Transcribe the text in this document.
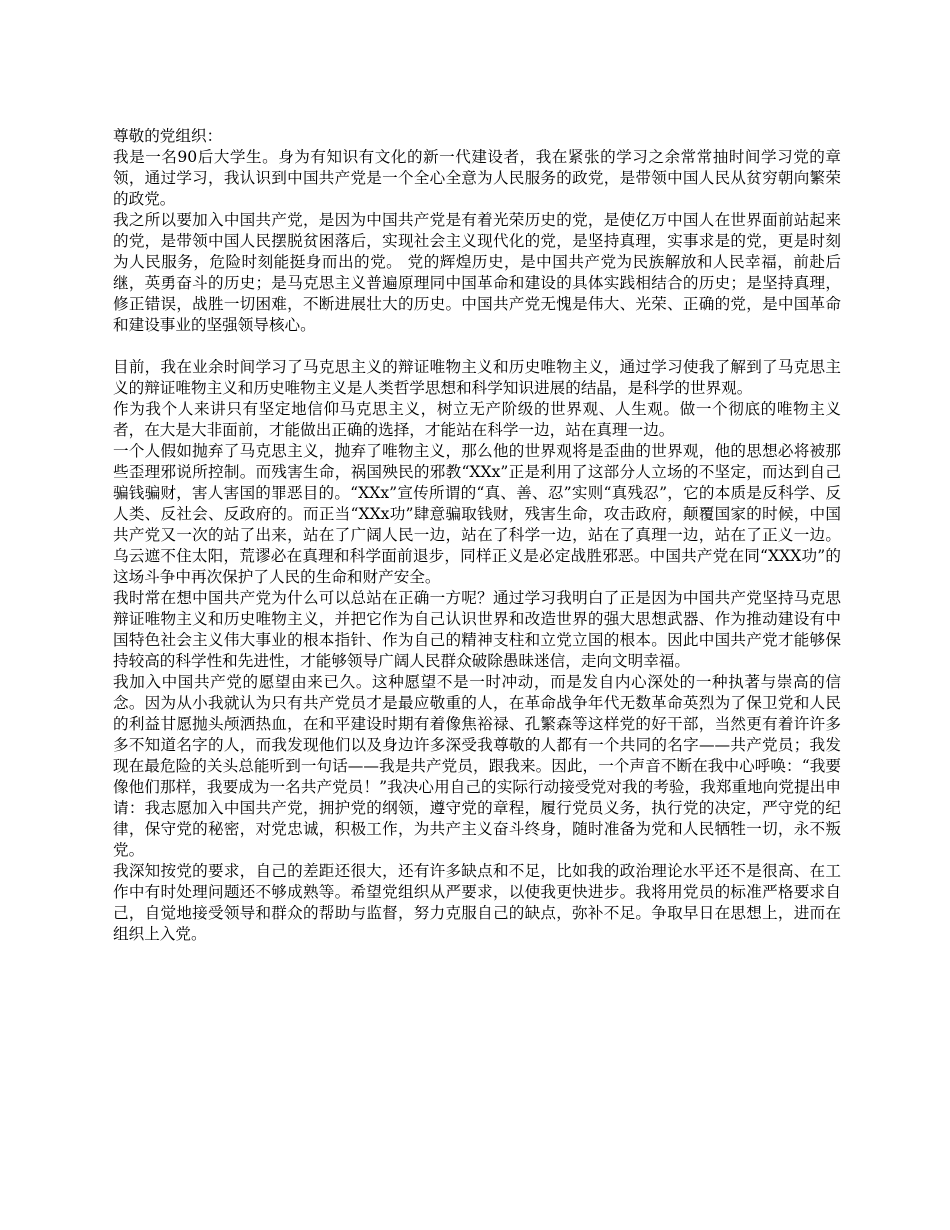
尊敬的党组织：

我是一名90后大学生。身为有知识有文化的新一代建设者，我在紧张的学习之余常常抽时间学习党的章领，通过学习，我认识到中国共产党是一个全心全意为人民服务的政党，是带领中国人民从贫穷朝向繁荣的政党。

我之所以要加入中国共产党，是因为中国共产党是有着光荣历史的党，是使亿万中国人在世界面前站起来的党，是带领中国人民摆脱贫困落后，实现社会主义现代化的党，是坚持真理，实事求是的党，更是时刻为人民服务，危险时刻能挺身而出的党。 党的辉煌历史，是中国共产党为民族解放和人民幸福，前赴后继，英勇奋斗的历史；是马克思主义普遍原理同中国革命和建设的具体实践相结合的历史；是坚持真理，修正错误，战胜一切困难，不断进展壮大的历史。中国共产党无愧是伟大、光荣、正确的党，是中国革命和建设事业的坚强领导核心。

目前，我在业余时间学习了马克思主义的辩证唯物主义和历史唯物主义，通过学习使我了解到了马克思主义的辩证唯物主义和历史唯物主义是人类哲学思想和科学知识进展的结晶，是科学的世界观。

作为我个人来讲只有坚定地信仰马克思主义，树立无产阶级的世界观、人生观。做一个彻底的唯物主义者，在大是大非面前，才能做出正确的选择，才能站在科学一边，站在真理一边。

一个人假如抛弃了马克思主义，抛弃了唯物主义，那么他的世界观将是歪曲的世界观，他的思想必将被那些歪理邪说所控制。而残害生命，祸国殃民的邪教“XXx”正是利用了这部分人立场的不坚定，而达到自己骗钱骗财，害人害国的罪恶目的。“XXx”宣传所谓的“真、善、忍”实则“真残忍”，它的本质是反科学、反人类、反社会、反政府的。而正当“XXx功”肆意骗取钱财，残害生命，攻击政府，颠覆国家的时候，中国共产党又一次的站了出来，站在了广阔人民一边，站在了科学一边，站在了真理一边，站在了正义一边。乌云遮不住太阳，荒谬必在真理和科学面前退步，同样正义是必定战胜邪恶。中国共产党在同“XXX功”的这场斗争中再次保护了人民的生命和财产安全。

我时常在想中国共产党为什么可以总站在正确一方呢？通过学习我明白了正是因为中国共产党坚持马克思辩证唯物主义和历史唯物主义，并把它作为自己认识世界和改造世界的强大思想武器、作为推动建设有中国特色社会主义伟大事业的根本指针、作为自己的精神支柱和立党立国的根本。因此中国共产党才能够保持较高的科学性和先进性，才能够领导广阔人民群众破除愚昧迷信，走向文明幸福。

我加入中国共产党的愿望由来已久。这种愿望不是一时冲动，而是发自内心深处的一种执著与崇高的信念。因为从小我就认为只有共产党员才是最应敬重的人，在革命战争年代无数革命英烈为了保卫党和人民的利益甘愿抛头颅洒热血，在和平建设时期有着像焦裕禄、孔繁森等这样党的好干部，当然更有着许许多多不知道名字的人，而我发现他们以及身边许多深受我尊敬的人都有一个共同的名字——共产党员；我发现在最危险的关头总能听到一句话——我是共产党员，跟我来。因此，一个声音不断在我中心呼唤：“我要像他们那样，我要成为一名共产党员！”我决心用自己的实际行动接受党对我的考验，我郑重地向党提出申请：我志愿加入中国共产党，拥护党的纲领，遵守党的章程，履行党员义务，执行党的决定，严守党的纪律，保守党的秘密，对党忠诚，积极工作，为共产主义奋斗终身，随时准备为党和人民牺牲一切，永不叛党。

我深知按党的要求，自己的差距还很大，还有许多缺点和不足，比如我的政治理论水平还不是很高、在工作中有时处理问题还不够成熟等。希望党组织从严要求，以使我更快进步。我将用党员的标准严格要求自己，自觉地接受领导和群众的帮助与监督，努力克服自己的缺点，弥补不足。争取早日在思想上，进而在组织上入党。
